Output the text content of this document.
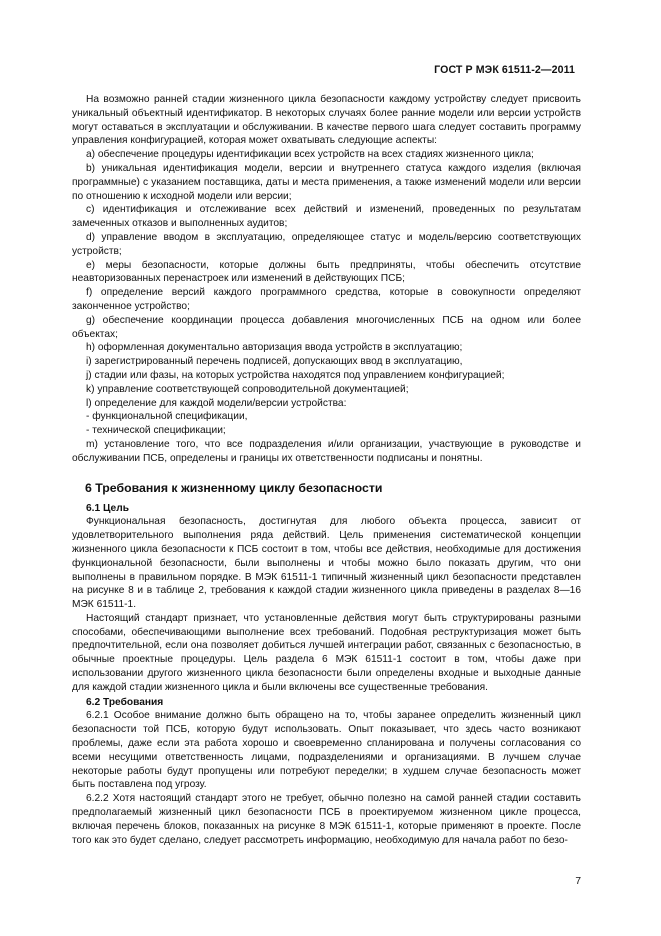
ГОСТ Р МЭК 61511-2—2011

На возможно ранней стадии жизненного цикла безопасности каждому устройству следует присвоить уникальный объектный идентификатор. В некоторых случаях более ранние модели или версии устройств могут оставаться в эксплуатации и обслуживании. В качестве первого шага следует составить программу управления конфигурацией, которая может охватывать следующие аспекты:

a) обеспечение процедуры идентификации всех устройств на всех стадиях жизненного цикла;

b) уникальная идентификация модели, версии и внутреннего статуса каждого изделия (включая программные) с указанием поставщика, даты и места применения, а также изменений модели или версии по отношению к исходной модели или версии;

c) идентификация и отслеживание всех действий и изменений, проведенных по результатам замеченных отказов и выполненных аудитов;

d) управление вводом в эксплуатацию, определяющее статус и модель/версию соответствующих устройств;

e) меры безопасности, которые должны быть предприняты, чтобы обеспечить отсутствие неавторизованных перенастроек или изменений в действующих ПСБ;

f) определение версий каждого программного средства, которые в совокупности определяют законченное устройство;

g) обеспечение координации процесса добавления многочисленных ПСБ на одном или более объектах;

h) оформленная документально авторизация ввода устройств в эксплуатацию;

i) зарегистрированный перечень подписей, допускающих ввод в эксплуатацию,

j) стадии или фазы, на которых устройства находятся под управлением конфигурацией;

k) управление соответствующей сопроводительной документацией;

l) определение для каждой модели/версии устройства:

- функциональной спецификации,

- технической спецификации;

m) установление того, что все подразделения и/или организации, участвующие в руководстве и обслуживании ПСБ, определены и границы их ответственности подписаны и понятны.

6 Требования к жизненному циклу безопасности

6.1 Цель

Функциональная безопасность, достигнутая для любого объекта процесса, зависит от удовлетворительного выполнения ряда действий. Цель применения систематической концепции жизненного цикла безопасности к ПСБ состоит в том, чтобы все действия, необходимые для достижения функциональной безопасности, были выполнены и чтобы можно было показать другим, что они выполнены в правильном порядке. В МЭК 61511-1 типичный жизненный цикл безопасности представлен на рисунке 8 и в таблице 2, требования к каждой стадии жизненного цикла приведены в разделах 8—16 МЭК 61511-1.

Настоящий стандарт признает, что установленные действия могут быть структурированы разными способами, обеспечивающими выполнение всех требований. Подобная реструктуризация может быть предпочтительной, если она позволяет добиться лучшей интеграции работ, связанных с безопасностью, в обычные проектные процедуры. Цель раздела 6 МЭК 61511-1 состоит в том, чтобы даже при использовании другого жизненного цикла безопасности были определены входные и выходные данные для каждой стадии жизненного цикла и были включены все существенные требования.

6.2 Требования

6.2.1 Особое внимание должно быть обращено на то, чтобы заранее определить жизненный цикл безопасности той ПСБ, которую будут использовать. Опыт показывает, что здесь часто возникают проблемы, даже если эта работа хорошо и своевременно спланирована и получены согласования со всеми несущими ответственность лицами, подразделениями и организациями. В лучшем случае некоторые работы будут пропущены или потребуют переделки; в худшем случае безопасность может быть поставлена под угрозу.

6.2.2 Хотя настоящий стандарт этого не требует, обычно полезно на самой ранней стадии составить предполагаемый жизненный цикл безопасности ПСБ в проектируемом жизненном цикле процесса, включая перечень блоков, показанных на рисунке 8 МЭК 61511-1, которые применяют в проекте. После того как это будет сделано, следует рассмотреть информацию, необходимую для начала работ по безо-

7
